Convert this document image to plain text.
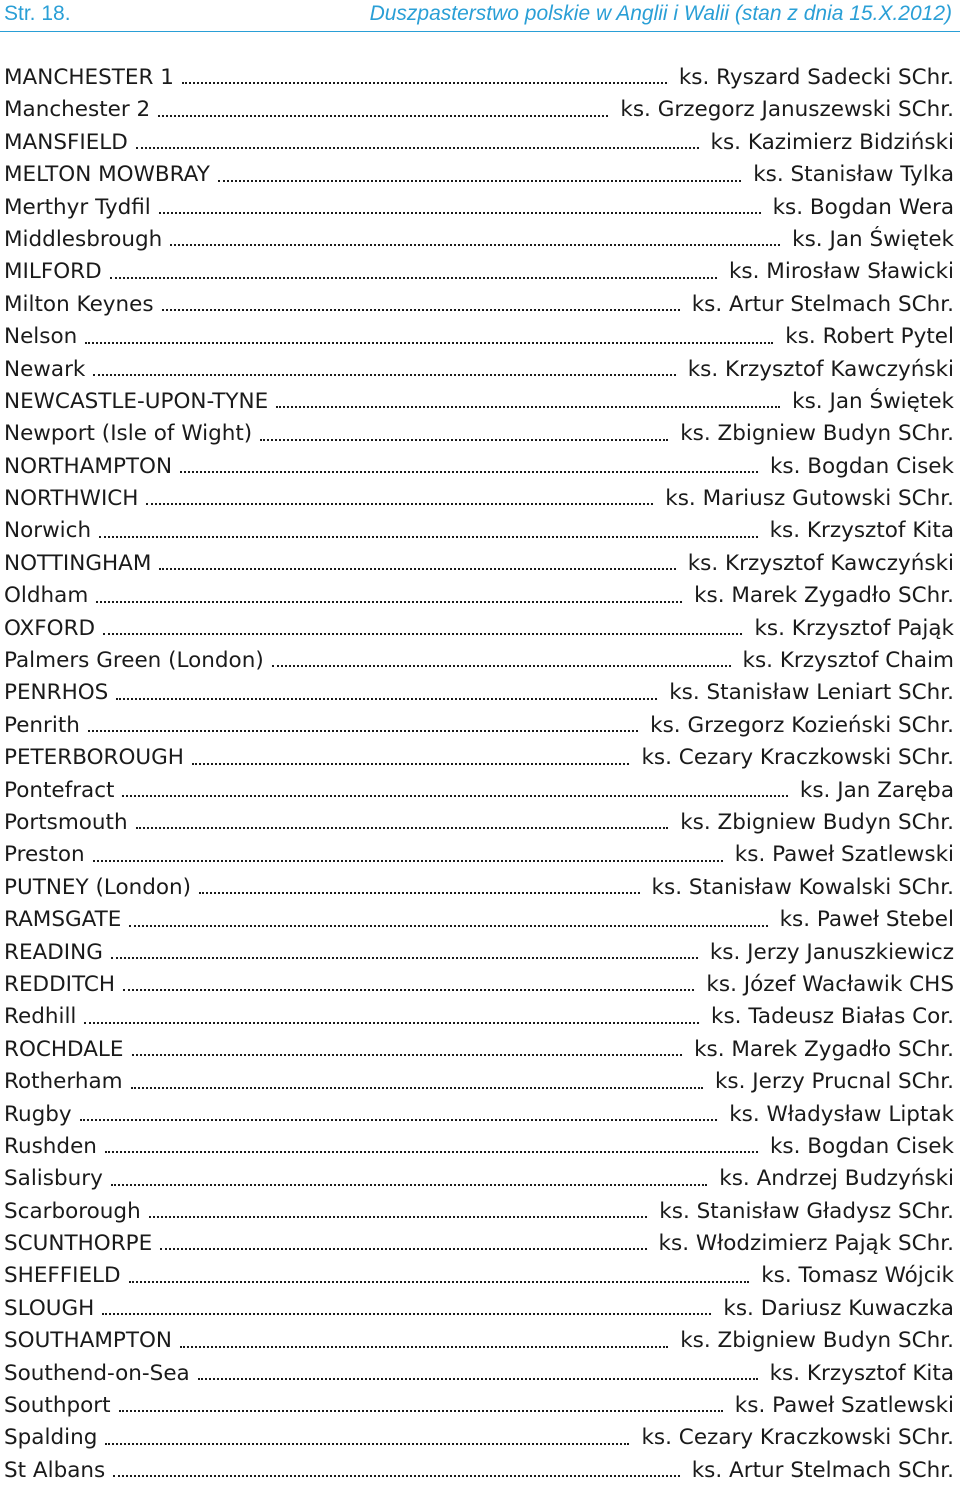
Str. 18.	Duszpasterstwo polskie w Anglii i Walii (stan z dnia 15.X.2012)
MANCHESTER 1	ks. Ryszard Sadecki SChr.
Manchester 2	ks. Grzegorz Januszewski SChr.
MANSFIELD	ks. Kazimierz Bidziński
MELTON MOWBRAY	ks. Stanisław Tylka
Merthyr Tydfil	ks. Bogdan Wera
Middlesbrough	ks. Jan Świętek
MILFORD	ks. Mirosław Sławicki
Milton Keynes	ks. Artur Stelmach SChr.
Nelson	ks. Robert Pytel
Newark	ks. Krzysztof Kawczyński
NEWCASTLE-UPON-TYNE	ks. Jan Świętek
Newport (Isle of Wight)	ks. Zbigniew Budyn SChr.
NORTHAMPTON	ks. Bogdan Cisek
NORTHWICH	ks. Mariusz Gutowski SChr.
Norwich	ks. Krzysztof Kita
NOTTINGHAM	ks. Krzysztof Kawczyński
Oldham	ks. Marek Zygadło SChr.
OXFORD	ks. Krzysztof Pająk
Palmers Green (London)	ks. Krzysztof Chaim
PENRHOS	ks. Stanisław Leniart SChr.
Penrith	ks. Grzegorz Kozieński SChr.
PETERBOROUGH	ks. Cezary Kraczkowski SChr.
Pontefract	ks. Jan Zaręba
Portsmouth	ks. Zbigniew Budyn SChr.
Preston	ks. Paweł Szatlewski
PUTNEY (London)	ks. Stanisław Kowalski SChr.
RAMSGATE	ks. Paweł Stebel
READING	ks. Jerzy Januszkiewicz
REDDITCH	ks. Józef Wacławik CHS
Redhill	ks. Tadeusz Białas Cor.
ROCHDALE	ks. Marek Zygadło SChr.
Rotherham	ks. Jerzy Prucnal SChr.
Rugby	ks. Władysław Liptak
Rushden	ks. Bogdan Cisek
Salisbury	ks. Andrzej Budzyński
Scarborough	ks. Stanisław Gładysz SChr.
SCUNTHORPE	ks. Włodzimierz Pająk SChr.
SHEFFIELD	ks. Tomasz Wójcik
SLOUGH	ks. Dariusz Kuwaczka
SOUTHAMPTON	ks. Zbigniew Budyn SChr.
Southend-on-Sea	ks. Krzysztof Kita
Southport	ks. Paweł Szatlewski
Spalding	ks. Cezary Kraczkowski SChr.
St Albans	ks. Artur Stelmach SChr.
